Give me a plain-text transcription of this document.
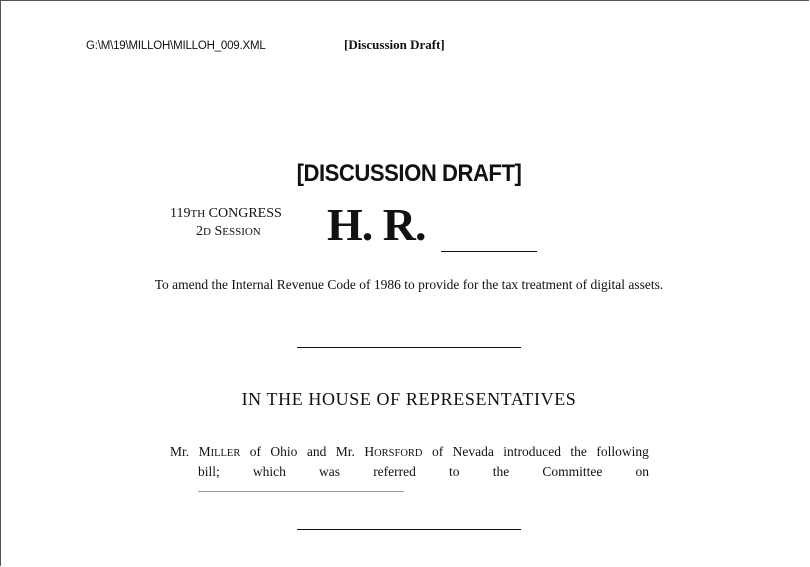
G:\M\19\MILLOH\MILLOH_009.XML	[Discussion Draft]
[DISCUSSION DRAFT]
119TH CONGRESS
2D SESSION	H. R.
To amend the Internal Revenue Code of 1986 to provide for the tax treatment of digital assets.
IN THE HOUSE OF REPRESENTATIVES
Mr. MILLER of Ohio and Mr. HORSFORD of Nevada introduced the following
bill; which was referred to the Committee on
